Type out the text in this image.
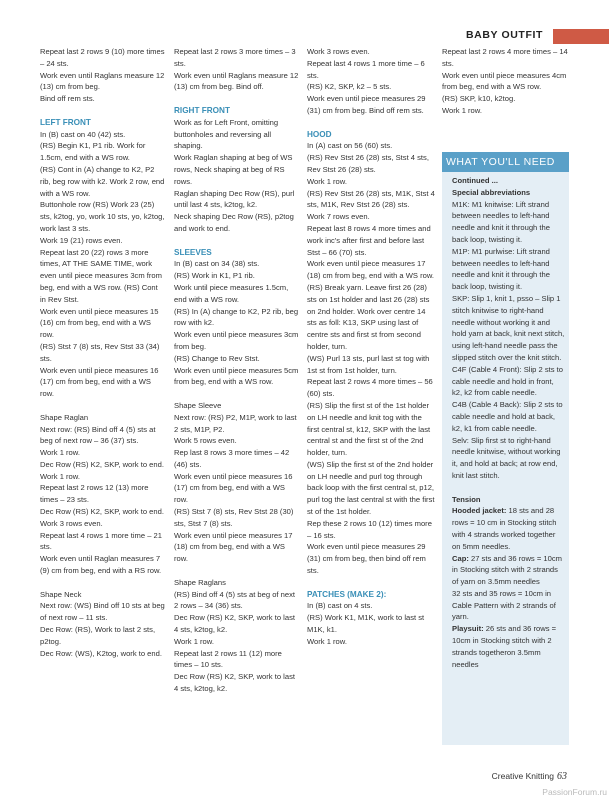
BABY OUTFIT

Repeat last 2 rows 9 (10) more times – 24 sts.

Work even until Raglans measure 12 (13) cm from beg.

Bind off rem sts.

LEFT FRONT

In (B) cast on 40 (42) sts.

(RS) Begin K1, P1 rib. Work for 1.5cm, end with a WS row.

(RS) Cont in (A) change to K2, P2 rib, beg row with k2. Work 2 row, end with a WS row.

Buttonhole row (RS) Work 23 (25) sts, k2tog, yo, work 10 sts, yo, k2tog, work last 3 sts.

Work 19 (21) rows even.

Repeat last 20 (22) rows 3 more times, AT THE SAME TIME, work even until piece measures 3cm from beg, end with a WS row. (RS) Cont in Rev Stst.

Work even until piece measures 15 (16) cm from beg, end with a WS row.

(RS) Stst 7 (8) sts, Rev Stst 33 (34) sts.

Work even until piece measures 16 (17) cm from beg, end with a WS row.

Shape Raglan

Next row: (RS) Bind off 4 (5) sts at beg of next row – 36 (37) sts.

Work 1 row.

Dec Row (RS) K2, SKP, work to end.

Work 1 row.

Repeat last 2 rows 12 (13) more times – 23 sts.

Dec Row (RS) K2, SKP, work to end.

Work 3 rows even.

Repeat last 4 rows 1 more time – 21 sts.

Work even until Raglan measures 7 (9) cm from beg, end with a RS row.

Shape Neck

Next row: (WS) Bind off 10 sts at beg of next row – 11 sts.

Dec Row: (RS), Work to last 2 sts, p2tog.

Dec Row: (WS), K2tog, work to end.

Repeat last 2 rows 3 more times – 3 sts.

Work even until Raglans measure 12 (13) cm from beg. Bind off.

RIGHT FRONT

Work as for Left Front, omitting buttonholes and reversing all shaping.

Work Raglan shaping at beg of WS rows, Neck shaping at beg of RS rows.

Raglan shaping Dec Row (RS), purl until last 4 sts, k2tog, k2.

Neck shaping Dec Row (RS), p2tog and work to end.

SLEEVES

In (B) cast on 34 (38) sts.

(RS) Work in K1, P1 rib.

Work until piece measures 1.5cm, end with a WS row.

(RS) In (A) change to K2, P2 rib, beg row with k2.

Work even until piece measures 3cm from beg.

(RS) Change to Rev Stst.

Work even until piece measures 5cm from beg, end with a WS row.

Shape Sleeve

Next row: (RS) P2, M1P, work to last 2 sts, M1P, P2.

Work 5 rows even.

Rep last 8 rows 3 more times – 42 (46) sts.

Work even until piece measures 16 (17) cm from beg, end with a WS row.

(RS) Stst 7 (8) sts, Rev Stst 28 (30) sts, Stst 7 (8) sts.

Work even until piece measures 17 (18) cm from beg, end with a WS row.

Shape Raglans

(RS) Bind off 4 (5) sts at beg of next 2 rows – 34 (36) sts.

Dec Row (RS) K2, SKP, work to last 4 sts, k2tog, k2.

Work 1 row.

Repeat last 2 rows 11 (12) more times – 10 sts.

Dec Row (RS) K2, SKP, work to last 4 sts, k2tog, k2.

Work 3 rows even.

Repeat last 4 rows 1 more time – 6 sts.

(RS) K2, SKP, k2 – 5 sts.

Work even until piece measures 29 (31) cm from beg. Bind off rem sts.

HOOD

In (A) cast on 56 (60) sts.

(RS) Rev Stst 26 (28) sts, Stst 4 sts, Rev Stst 26 (28) sts.

Work 1 row.

(RS) Rev Stst 26 (28) sts, M1K, Stst 4 sts, M1K, Rev Stst 26 (28) sts.

Work 7 rows even.

Repeat last 8 rows 4 more times and work inc's after first and before last Stst – 66 (70) sts.

Work even until piece measures 17 (18) cm from beg, end with a WS row.

(RS) Break yarn. Leave first 26 (28) sts on 1st holder and last 26 (28) sts on 2nd holder. Work over centre 14 sts as foll: K13, SKP using last of centre sts and first st from second holder, turn.

(WS) Purl 13 sts, purl last st tog with 1st st from 1st holder, turn.

Repeat last 2 rows 4 more times – 56 (60) sts.

(RS) Slip the first st of the 1st holder on LH needle and knit tog with the first central st, k12, SKP with the last central st and the first st of the 2nd holder, turn.

(WS) Slip the first st of the 2nd holder on LH needle and purl tog through back loop with the first central st, p12, purl tog the last central st with the first st of the 1st holder.

Rep these 2 rows 10 (12) times more – 16 sts.

Work even until piece measures 29 (31) cm from beg, then bind off rem sts.

PATCHES (MAKE 2):

In (B) cast on 4 sts.

(RS) Work K1, M1K, work to last st M1K, k1.

Work 1 row.

Repeat last 2 rows 4 more times – 14 sts.

Work even until piece measures 4cm from beg, end with a WS row.

(RS) SKP, k10, k2tog.

Work 1 row.

WHAT YOU'LL NEED

Continued ...

Special abbreviations

M1K: M1 knitwise: Lift strand between needles to left-hand needle and knit it through the back loop, twisting it.

M1P: M1 purlwise: Lift strand between needles to left-hand needle and knit it through the back loop, twisting it.

SKP: Slip 1, knit 1, psso – Slip 1 stitch knitwise to right-hand needle without working it and hold yarn at back, knit next stitch, using left-hand needle pass the slipped stitch over the knit stitch.

C4F (Cable 4 Front): Slip 2 sts to cable needle and hold in front, k2, k2 from cable needle.

C4B (Cable 4 Back): Slip 2 sts to cable needle and hold at back, k2, k1 from cable needle.

Selv: Slip first st to right-hand needle knitwise, without working it, and hold at back; at row end, knit last stitch.

Tension

Hooded jacket: 18 sts and 28 rows = 10 cm in Stocking stitch with 4 strands worked together on 5mm needles.

Cap: 27 sts and 36 rows = 10cm in Stocking stitch with 2 strands of yarn on 3.5mm needles

32 sts and 35 rows = 10cm in Cable Pattern with 2 strands of yarn.

Playsuit: 26 sts and 36 rows = 10cm in Stocking stitch with 2 strands togetheron 3.5mm needles

Creative Knitting 63
PassionForum.ru
